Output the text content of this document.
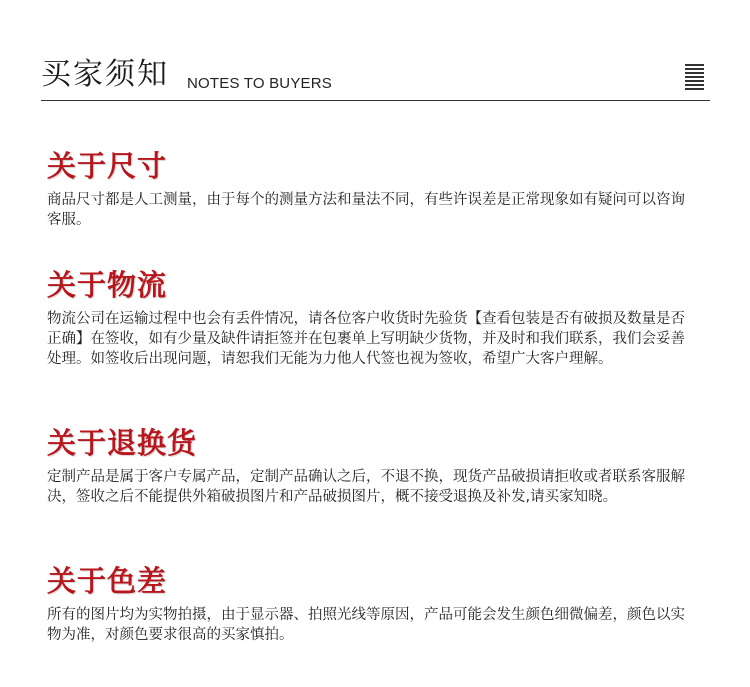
买家须知 NOTES TO BUYERS
关于尺寸
商品尺寸都是人工测量，由于每个的测量方法和量法不同，有些许误差是正常现象如有疑问可以咨询客服。
关于物流
物流公司在运输过程中也会有丢件情况，请各位客户收货时先验货【查看包装是否有破损及数量是否正确】在签收，如有少量及缺件请拒签并在包裹单上写明缺少货物，并及时和我们联系，我们会妥善处理。如签收后出现问题，请恕我们无能为力他人代签也视为签收，希望广大客户理解。
关于退换货
定制产品是属于客户专属产品，定制产品确认之后，不退不换，现货产品破损请拒收或者联系客服解决，签收之后不能提供外箱破损图片和产品破损图片，概不接受退换及补发,请买家知晓。
关于色差
所有的图片均为实物拍摄，由于显示器、拍照光线等原因，产品可能会发生颜色细微偏差，颜色以实物为准，对颜色要求很高的买家慎拍。
